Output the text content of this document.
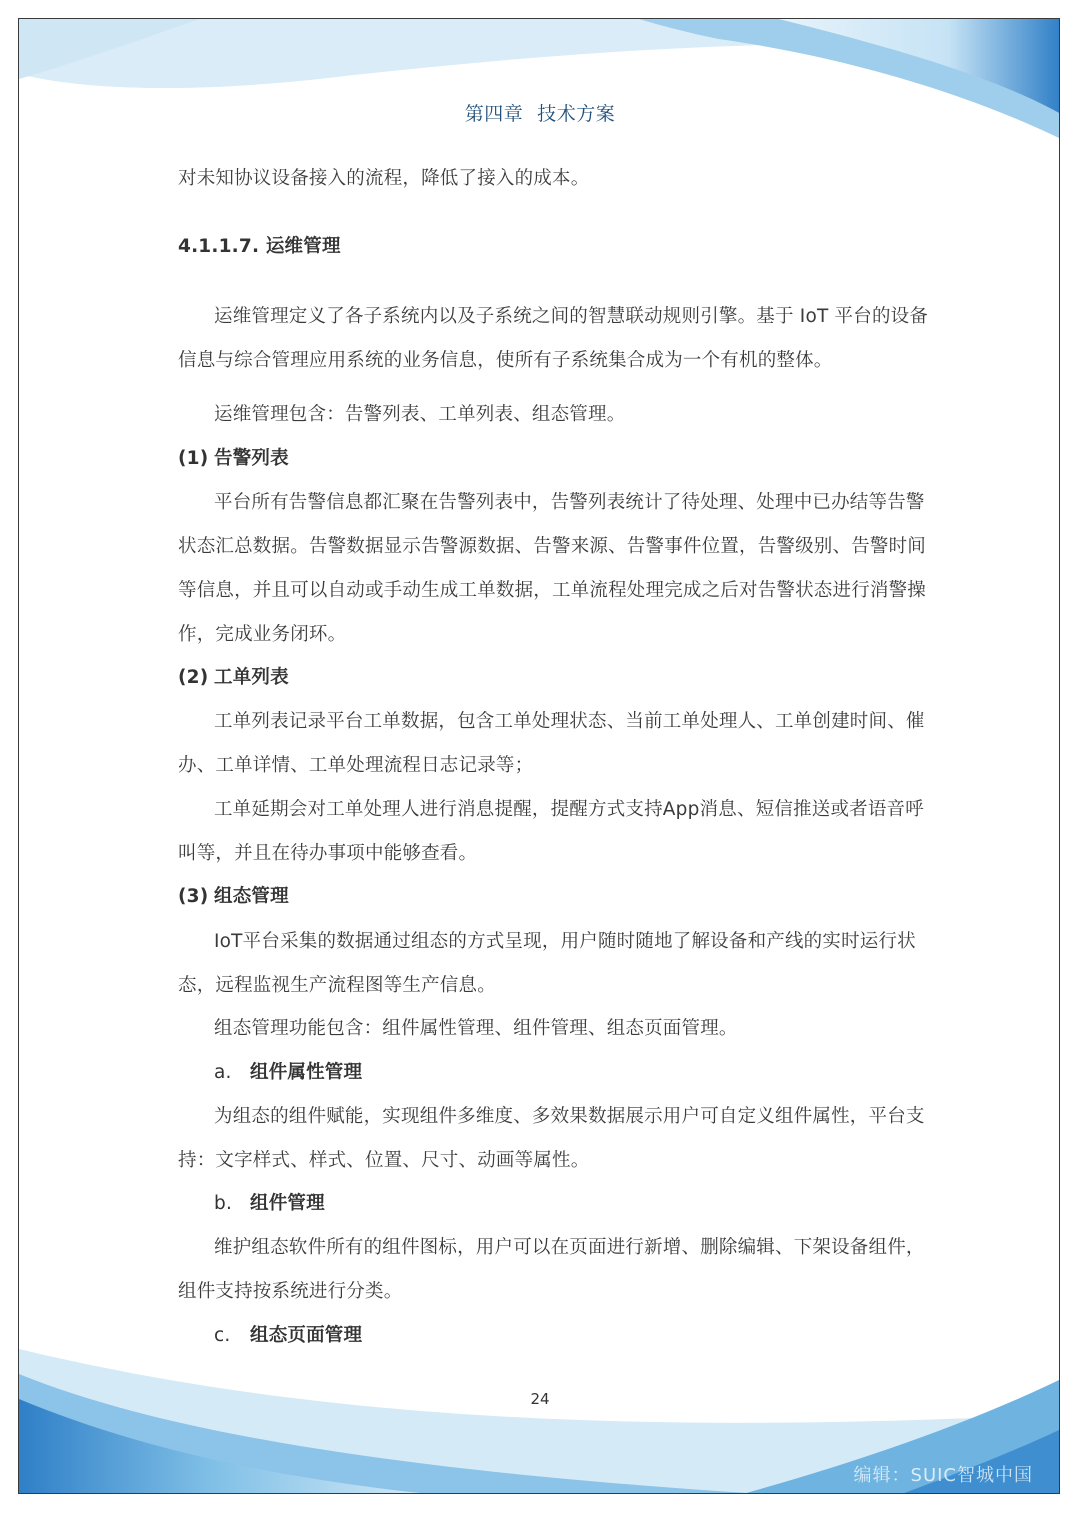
第四章 技术方案
对未知协议设备接入的流程，降低了接入的成本。
4.1.1.7. 运维管理
运维管理定义了各子系统内以及子系统之间的智慧联动规则引擎。基于 IoT 平台的设备
信息与综合管理应用系统的业务信息，使所有子系统集合成为一个有机的整体。
运维管理包含：告警列表、工单列表、组态管理。
(1) 告警列表
平台所有告警信息都汇聚在告警列表中，告警列表统计了待处理、处理中已办结等告警
状态汇总数据。告警数据显示告警源数据、告警来源、告警事件位置，告警级别、告警时间
等信息，并且可以自动或手动生成工单数据，工单流程处理完成之后对告警状态进行消警操
作，完成业务闭环。
(2) 工单列表
工单列表记录平台工单数据，包含工单处理状态、当前工单处理人、工单创建时间、催
办、工单详情、工单处理流程日志记录等；
工单延期会对工单处理人进行消息提醒，提醒方式支持App消息、短信推送或者语音呼
叫等，并且在待办事项中能够查看。
(3) 组态管理
IoT平台采集的数据通过组态的方式呈现，用户随时随地了解设备和产线的实时运行状
态，远程监视生产流程图等生产信息。
组态管理功能包含：组件属性管理、组件管理、组态页面管理。
a. 组件属性管理
为组态的组件赋能，实现组件多维度、多效果数据展示用户可自定义组件属性，平台支
持：文字样式、样式、位置、尺寸、动画等属性。
b. 组件管理
维护组态软件所有的组件图标，用户可以在页面进行新增、删除编辑、下架设备组件，
组件支持按系统进行分类。
c. 组态页面管理
24
编辑：SUIC智城中国
